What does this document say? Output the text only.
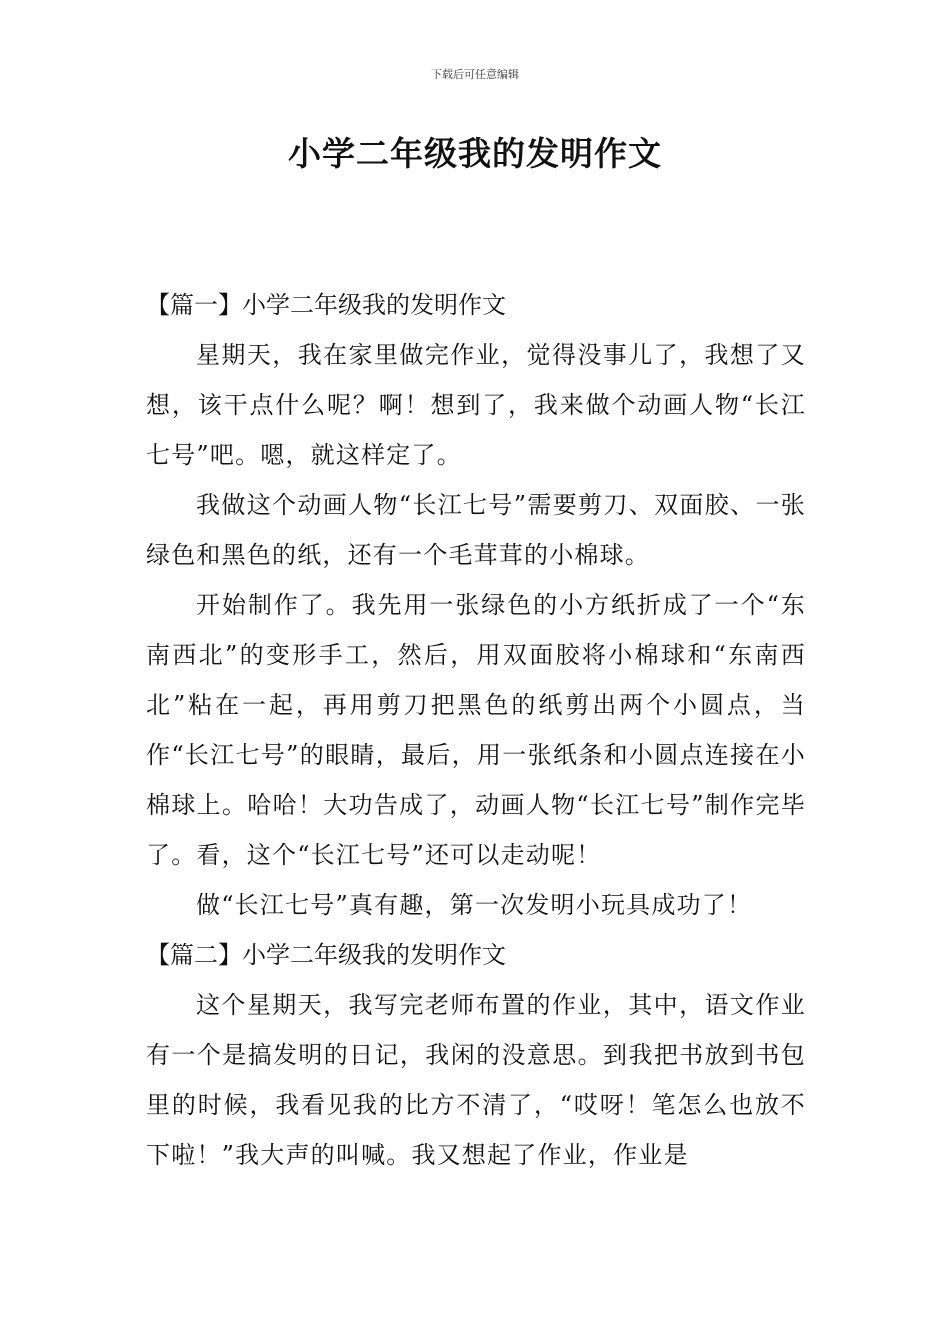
下载后可任意编辑
小学二年级我的发明作文

【篇一】小学二年级我的发明作文

星期天，我在家里做完作业，觉得没事儿了，我想了又想，该干点什么呢？啊！想到了，我来做个动画人物“长江七号”吧。嗯，就这样定了。

我做这个动画人物“长江七号”需要剪刀、双面胶、一张绿色和黑色的纸，还有一个毛茸茸的小棉球。

开始制作了。我先用一张绿色的小方纸折成了一个“东南西北”的变形手工，然后，用双面胶将小棉球和“东南西北”粘在一起，再用剪刀把黑色的纸剪出两个小圆点，当作“长江七号”的眼睛，最后，用一张纸条和小圆点连接在小棉球上。哈哈！大功告成了，动画人物“长江七号”制作完毕了。看，这个“长江七号”还可以走动呢！

做“长江七号”真有趣，第一次发明小玩具成功了！

【篇二】小学二年级我的发明作文

这个星期天，我写完老师布置的作业，其中，语文作业有一个是搞发明的日记，我闲的没意思。到我把书放到书包里的时候，我看见我的比方不清了，“哎呀！笔怎么也放不下啦！”我大声的叫喊。我又想起了作业，作业是
